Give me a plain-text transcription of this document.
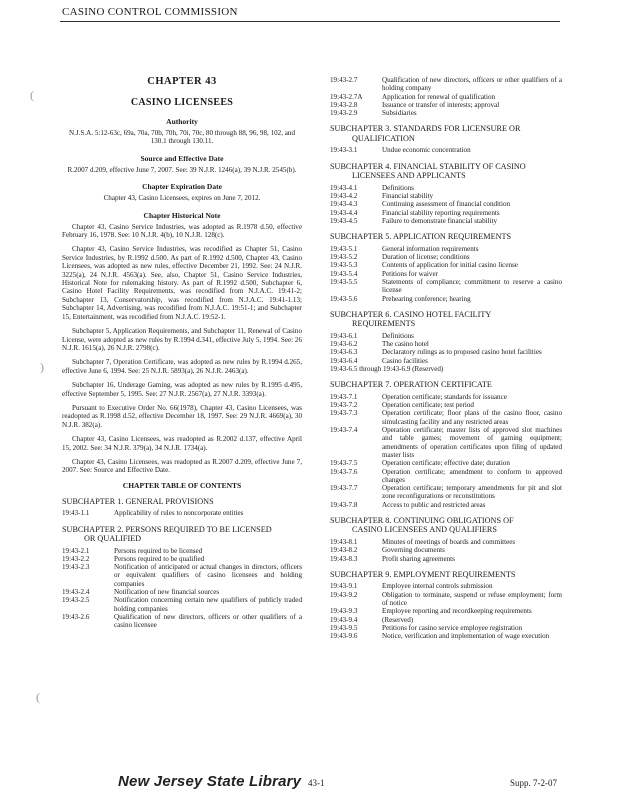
CASINO CONTROL COMMISSION
(
)
(
CHAPTER 43
CASINO LICENSEES
Authority
N.J.S.A. 5:12-63c, 69a, 70a, 70b, 70h, 70i, 70c, 80 through 88, 96, 98, 102, and 130.1 through 130.11.
Source and Effective Date
R.2007 d.209, effective June 7, 2007. See: 39 N.J.R. 1246(a), 39 N.J.R. 2545(b).
Chapter Expiration Date
Chapter 43, Casino Licensees, expires on June 7, 2012.
Chapter Historical Note
Chapter 43, Casino Service Industries, was adopted as R.1978 d.50, effective February 16, 1978. See: 10 N.J.R. 4(b), 10 N.J.R. 128(c).
Chapter 43, Casino Service Industries, was recodified as Chapter 51, Casino Service Industries, by R.1992 d.500. As part of R.1992 d.500, Chapter 43, Casino Licensees, was adopted as new rules, effective December 21, 1992. See: 24 N.J.R. 3225(a), 24 N.J.R. 4563(a). See, also, Chapter 51, Casino Service Industries, Historical Note for rulemaking history. As part of R.1992 d.500, Subchapter 6, Casino Hotel Facility Requirements, was recodified from N.J.A.C. 19:41-2; Subchapter 13, Conservatorship, was recodified from N.J.A.C. 19:41-1.13; Subchapter 14, Advertising, was recodified from N.J.A.C. 19:51-1; and Subchapter 15, Entertainment, was recodified from N.J.A.C. 19:52-1.
Subchapter 5, Application Requirements, and Subchapter 11, Renewal of Casino License, were adopted as new rules by R.1994 d.341, effective July 5, 1994. See: 26 N.J.R. 1615(a), 26 N.J.R. 2798(c).
Subchapter 7, Operation Certificate, was adopted as new rules by R.1994 d.265, effective June 6, 1994. See: 25 N.J.R. 5893(a), 26 N.J.R. 2463(a).
Subchapter 16, Underage Gaming, was adopted as new rules by R.1995 d.495, effective September 5, 1995. See: 27 N.J.R. 2567(a), 27 N.J.R. 3393(a).
Pursuant to Executive Order No. 66(1978), Chapter 43, Casino Licensees, was readopted as R.1998 d.52, effective December 18, 1997. See: 29 N.J.R. 4669(a), 30 N.J.R. 382(a).
Chapter 43, Casino Licensees, was readopted as R.2002 d.137, effective April 15, 2002. See: 34 N.J.R. 379(a), 34 N.J.R. 1734(a).
Chapter 43, Casino Licensees, was readopted as R.2007 d.209, effective June 7, 2007. See: Source and Effective Date.
CHAPTER TABLE OF CONTENTS
SUBCHAPTER 1. GENERAL PROVISIONS
19:43-1.1	Applicability of rules to noncorporate entities
SUBCHAPTER 2. PERSONS REQUIRED TO BE LICENSED
OR QUALIFIED
19:43-2.1	Persons required to be licensed
19:43-2.2	Persons required to be qualified
19:43-2.3	Notification of anticipated or actual changes in directors, officers or equivalent qualifiers of casino licensees and holding companies
19:43-2.4	Notification of new financial sources
19:43-2.5	Notification concerning certain new qualifiers of publicly traded holding companies
19:43-2.6	Qualification of new directors, officers or other qualifiers of a casino licensee
19:43-2.7	Qualification of new directors, officers or other qualifiers of a holding company
19:43-2.7A	Application for renewal of qualification
19:43-2.8	Issuance or transfer of interests; approval
19:43-2.9	Subsidiaries
SUBCHAPTER 3. STANDARDS FOR LICENSURE OR
QUALIFICATION
19:43-3.1	Undue economic concentration
SUBCHAPTER 4. FINANCIAL STABILITY OF CASINO
LICENSEES AND APPLICANTS
19:43-4.1	Definitions
19:43-4.2	Financial stability
19:43-4.3	Continuing assessment of financial condition
19:43-4.4	Financial stability reporting requirements
19:43-4.5	Failure to demonstrate financial stability
SUBCHAPTER 5. APPLICATION REQUIREMENTS
19:43-5.1	General information requirements
19:43-5.2	Duration of license; conditions
19:43-5.3	Contents of application for initial casino license
19:43-5.4	Petitions for waiver
19:43-5.5	Statements of compliance; commitment to reserve a casino license
19:43-5.6	Prehearing conference; hearing
SUBCHAPTER 6. CASINO HOTEL FACILITY
REQUIREMENTS
19:43-6.1	Definitions
19:43-6.2	The casino hotel
19:43-6.3	Declaratory rulings as to proposed casino hotel facilities
19:43-6.4	Casino facilities
19:43-6.5 through 19:43-6.9 (Reserved)
SUBCHAPTER 7. OPERATION CERTIFICATE
19:43-7.1	Operation certificate; standards for issuance
19:43-7.2	Operation certificate; test period
19:43-7.3	Operation certificate; floor plans of the casino floor, casino simulcasting facility and any restricted areas
19:43-7.4	Operation certificate; master lists of approved slot machines and table games; movement of gaming equipment; amendments of operation certificates upon filing of updated master lists
19:43-7.5	Operation certificate; effective date; duration
19:43-7.6	Operation certificate; amendment to conform to approved changes
19:43-7.7	Operation certificate; temporary amendments for pit and slot zone reconfigurations or reconstitutions
19:43-7.8	Access to public and restricted areas
SUBCHAPTER 8. CONTINUING OBLIGATIONS OF
CASINO LICENSEES AND QUALIFIERS
19:43-8.1	Minutes of meetings of boards and committees
19:43-8.2	Governing documents
19:43-8.3	Profit sharing agreements
SUBCHAPTER 9. EMPLOYMENT REQUIREMENTS
19:43-9.1	Employee internal controls submission
19:43-9.2	Obligation to terminate, suspend or refuse employment; form of notice
19:43-9.3	Employee reporting and recordkeeping requirements
19:43-9.4	(Reserved)
19:43-9.5	Petitions for casino service employee registration
19:43-9.6	Notice, verification and implementation of wage execution
New Jersey State Library 43-1	Supp. 7-2-07
